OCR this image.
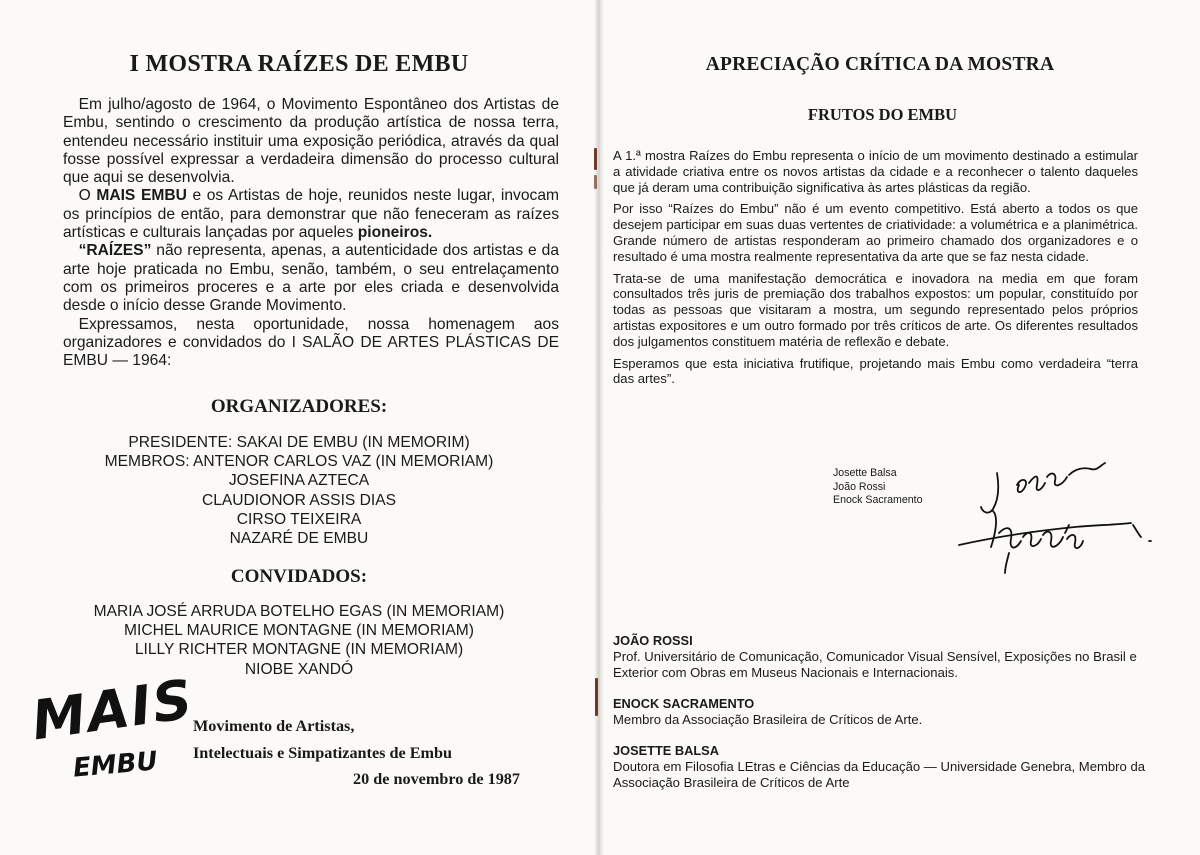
I MOSTRA RAÍZES DE EMBU

 Em julho/agosto de 1964, o Movimento Espontâneo dos Artistas de Embu, sentindo o crescimento da produção artística de nossa terra, entendeu necessário instituir uma exposição periódica, através da qual fosse possível expressar a verdadeira dimensão do processo cultural que aqui se desenvolvia.

 O MAIS EMBU e os Artistas de hoje, reunidos neste lugar, invocam os princípios de então, para demonstrar que não feneceram as raízes artísticas e culturais lançadas por aqueles pioneiros.

 “RAÍZES” não representa, apenas, a autenticidade dos artistas e da arte hoje praticada no Embu, senão, também, o seu entrelaçamento com os primeiros proceres e a arte por eles criada e desenvolvida desde o início desse Grande Movimento.

 Expressamos, nesta oportunidade, nossa homenagem aos organizadores e convidados do I SALÃO DE ARTES PLÁSTICAS DE EMBU — 1964:

ORGANIZADORES:
PRESIDENTE: SAKAI DE EMBU (IN MEMORIM)
MEMBROS: ANTENOR CARLOS VAZ (IN MEMORIAM)
JOSEFINA AZTECA
CLAUDIONOR ASSIS DIAS
CIRSO TEIXEIRA
NAZARÉ DE EMBU
CONVIDADOS:
MARIA JOSÉ ARRUDA BOTELHO EGAS (IN MEMORIAM)
MICHEL MAURICE MONTAGNE (IN MEMORIAM)
LILLY RICHTER MONTAGNE (IN MEMORIAM)
NIOBE XANDÓ
MAIS
EMBU
Movimento de Artistas,
Intelectuais e Simpatizantes de Embu
20 de novembro de 1987
APRECIAÇÃO CRÍTICA DA MOSTRA
FRUTOS DO EMBU

A 1.ª mostra Raízes do Embu representa o início de um movimento destinado a estimular a atividade criativa entre os novos artistas da cidade e a reconhecer o talento daqueles que já deram uma contribuição significativa às artes plásticas da região.

Por isso “Raízes do Embu” não é um evento competitivo. Está aberto a todos os que desejem participar em suas duas vertentes de criatividade: a volumétrica e a planimétrica. Grande número de artistas responderam ao primeiro chamado dos organizadores e o resultado é uma mostra realmente representativa da arte que se faz nesta cidade.

Trata-se de uma manifestação democrática e inovadora na media em que foram consultados três juris de premiação dos trabalhos expostos: um popular, constituído por todas as pessoas que visitaram a mostra, um segundo representado pelos próprios artistas expositores e um outro formado por três críticos de arte. Os diferentes resultados dos julgamentos constituem matéria de reflexão e debate.

Esperamos que esta iniciativa frutifique, projetando mais Embu como verdadeira “terra das artes”.

Josette Balsa
João Rossi
Enock Sacramento
JOÃO ROSSI
Prof. Universitário de Comunicação, Comunicador Visual Sensível, Exposições no Brasil e Exterior com Obras em Museus Nacionais e Internacionais.
ENOCK SACRAMENTO
Membro da Associação Brasileira de Críticos de Arte.
JOSETTE BALSA
Doutora em Filosofia LEtras e Ciências da Educação — Universidade Genebra, Membro da Associação Brasileira de Críticos de Arte
